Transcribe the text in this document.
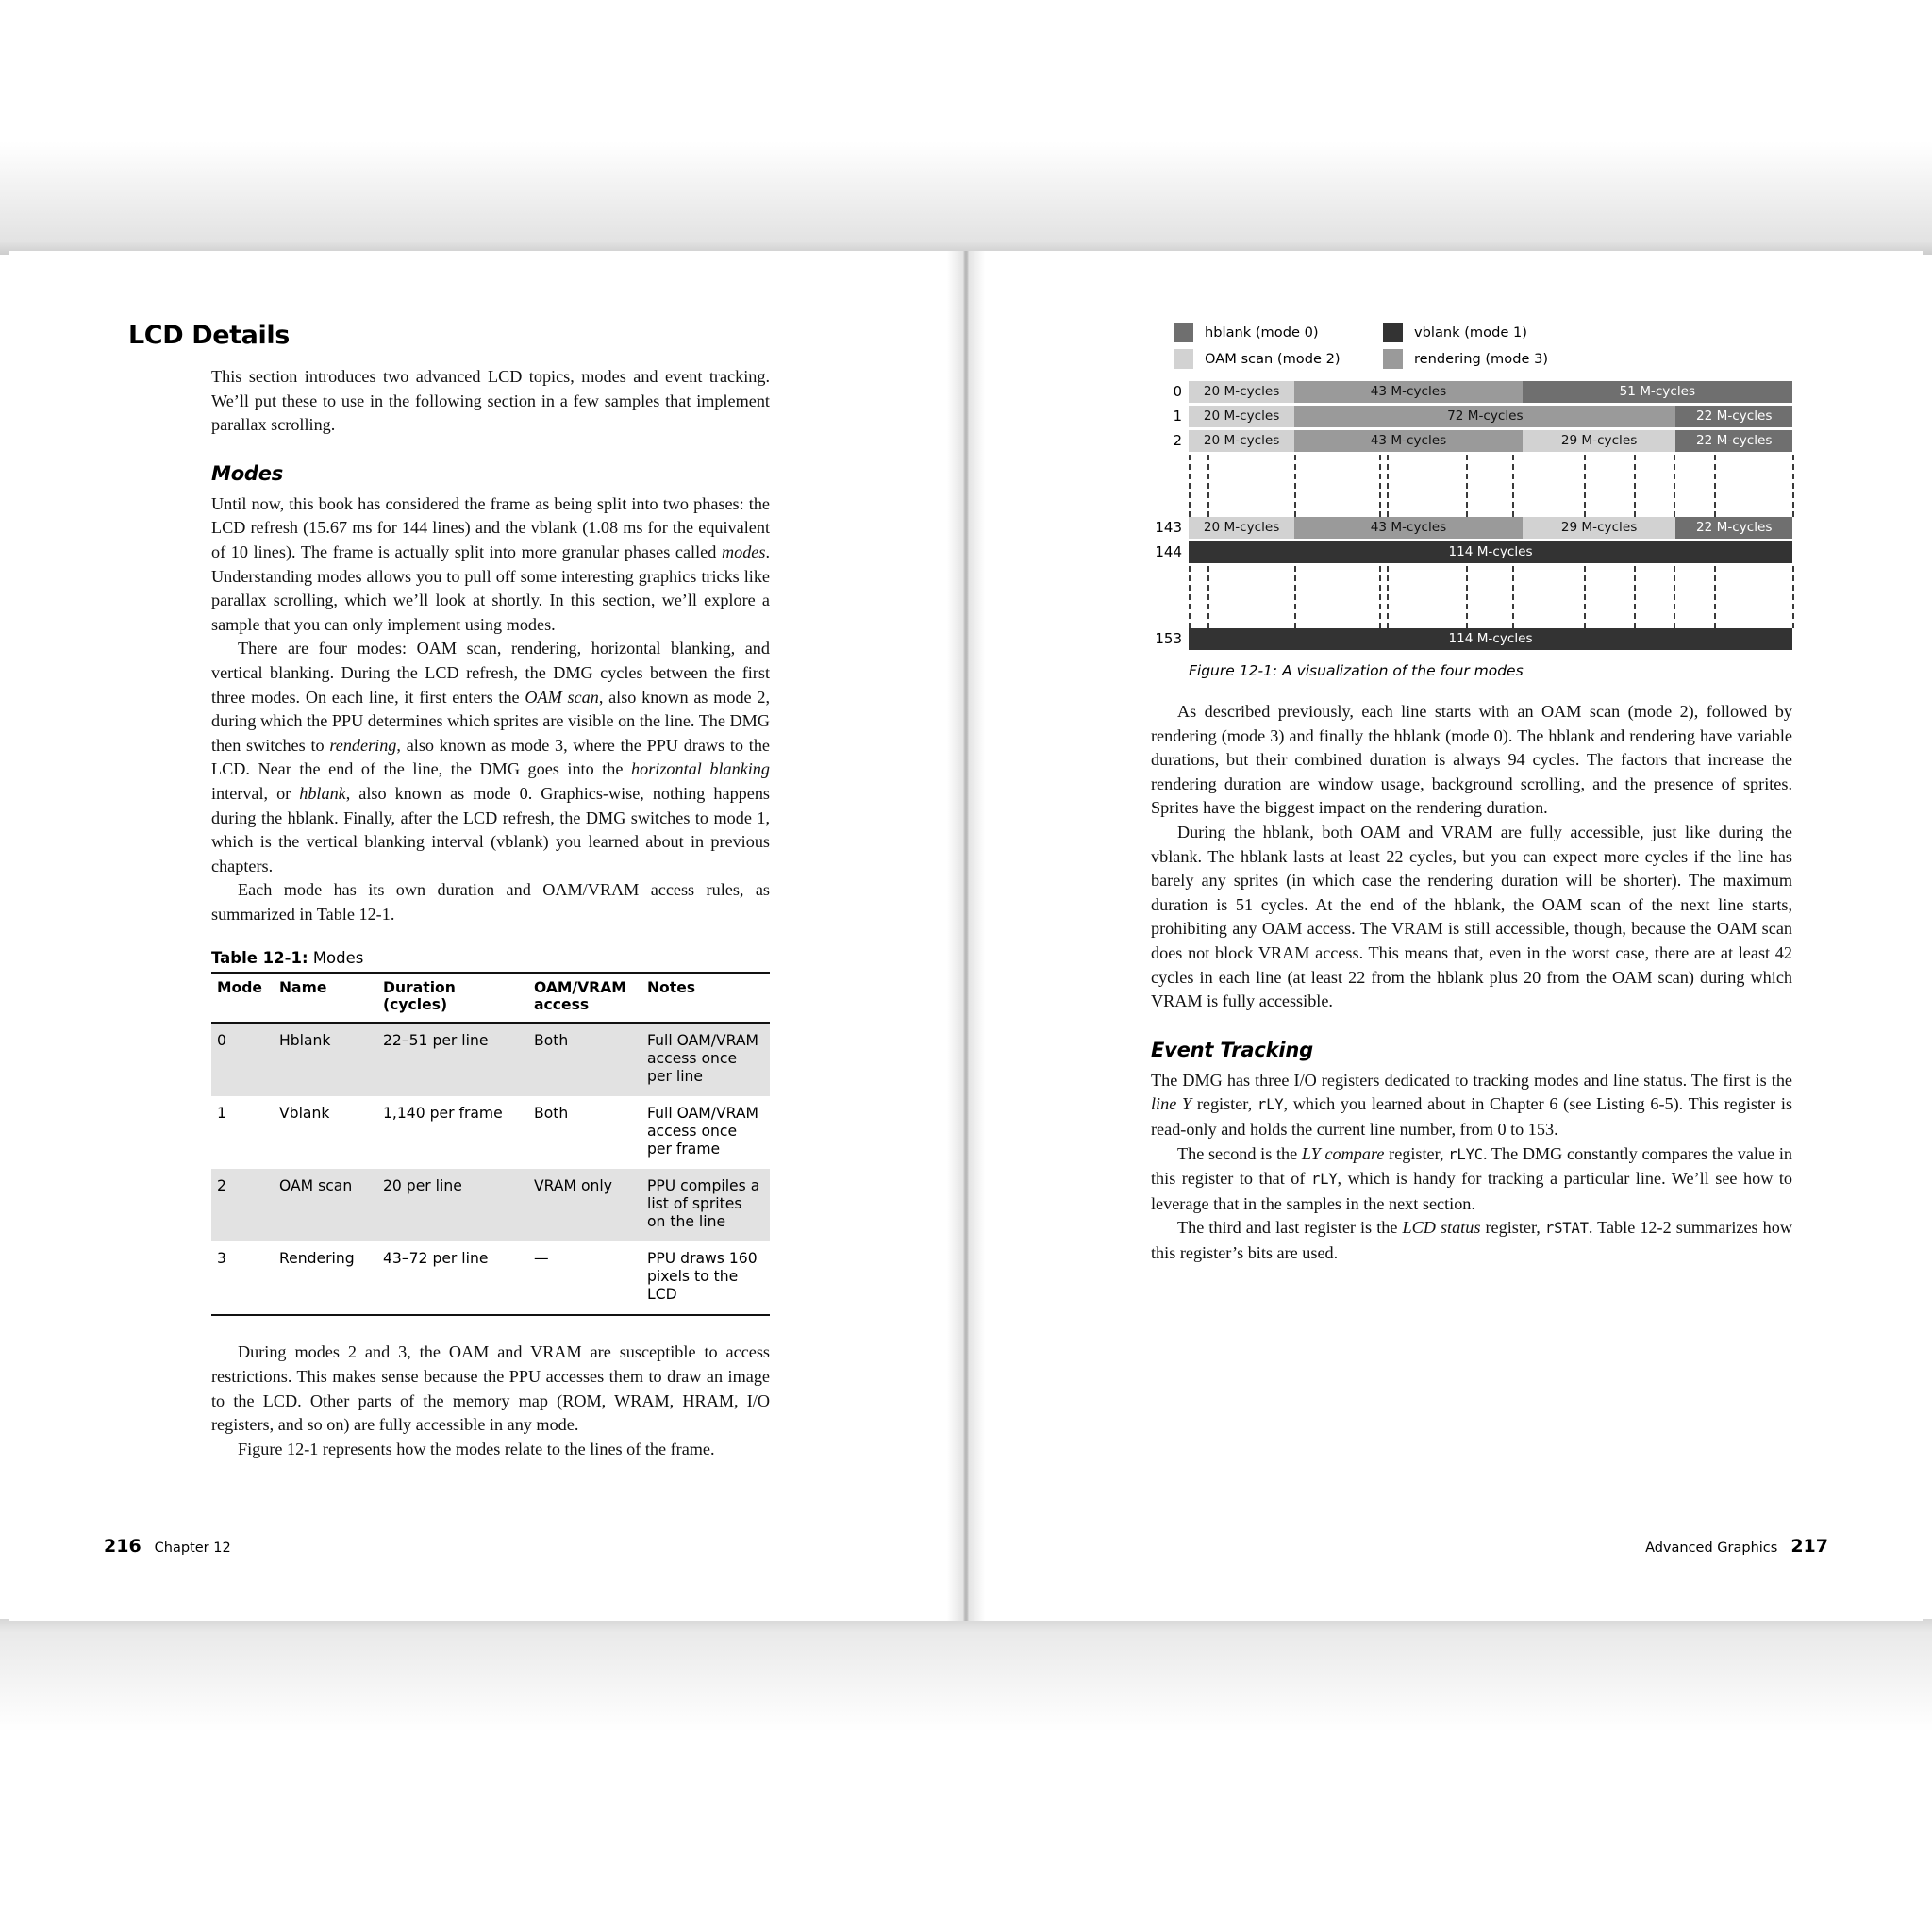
LCD Details

This section introduces two advanced LCD topics, modes and event tracking. We’ll put these to use in the following section in a few samples that implement parallax scrolling.

Modes

Until now, this book has considered the frame as being split into two phases: the LCD refresh (15.67 ms for 144 lines) and the vblank (1.08 ms for the equivalent of 10 lines). The frame is actually split into more granular phases called modes. Understanding modes allows you to pull off some interesting graphics tricks like parallax scrolling, which we’ll look at shortly. In this section, we’ll explore a sample that you can only implement using modes.

There are four modes: OAM scan, rendering, horizontal blanking, and vertical blanking. During the LCD refresh, the DMG cycles between the first three modes. On each line, it first enters the OAM scan, also known as mode 2, during which the PPU determines which sprites are visible on the line. The DMG then switches to rendering, also known as mode 3, where the PPU draws to the LCD. Near the end of the line, the DMG goes into the horizontal blanking interval, or hblank, also known as mode 0. Graphics-wise, nothing happens during the hblank. Finally, after the LCD refresh, the DMG switches to mode 1, which is the vertical blanking interval (vblank) you learned about in previous chapters.

Each mode has its own duration and OAM/VRAM access rules, as summarized in Table 12-1.

Table 12-1: Modes
Mode	Name	Duration (cycles)	OAM/VRAM access	Notes
0	Hblank	22–51 per line	Both	Full OAM/VRAM access once per line
1	Vblank	1,140 per frame	Both	Full OAM/VRAM access once per frame
2	OAM scan	20 per line	VRAM only	PPU compiles a list of sprites on the line
3	Rendering	43–72 per line	—	PPU draws 160 pixels to the LCD

During modes 2 and 3, the OAM and VRAM are susceptible to access restrictions. This makes sense because the PPU accesses them to draw an image to the LCD. Other parts of the memory map (ROM, WRAM, HRAM, I/O registers, and so on) are fully accessible in any mode.

Figure 12-1 represents how the modes relate to the lines of the frame.

216 Chapter 12
hblank (mode 0)	vblank (mode 1)
OAM scan (mode 2)	rendering (mode 3)
0	20 M-cycles	43 M-cycles	51 M-cycles
1	20 M-cycles	72 M-cycles	22 M-cycles
2	20 M-cycles	43 M-cycles	29 M-cycles	22 M-cycles
143	20 M-cycles	43 M-cycles	29 M-cycles	22 M-cycles
144	114 M-cycles
153	114 M-cycles
Figure 12-1: A visualization of the four modes

As described previously, each line starts with an OAM scan (mode 2), followed by rendering (mode 3) and finally the hblank (mode 0). The hblank and rendering have variable durations, but their combined duration is always 94 cycles. The factors that increase the rendering duration are window usage, background scrolling, and the presence of sprites. Sprites have the biggest impact on the rendering duration.

During the hblank, both OAM and VRAM are fully accessible, just like during the vblank. The hblank lasts at least 22 cycles, but you can expect more cycles if the line has barely any sprites (in which case the rendering duration will be shorter). The maximum duration is 51 cycles. At the end of the hblank, the OAM scan of the next line starts, prohibiting any OAM access. The VRAM is still accessible, though, because the OAM scan does not block VRAM access. This means that, even in the worst case, there are at least 42 cycles in each line (at least 22 from the hblank plus 20 from the OAM scan) during which VRAM is fully accessible.

Event Tracking

The DMG has three I/O registers dedicated to tracking modes and line status. The first is the line Y register, rLY, which you learned about in Chapter 6 (see Listing 6-5). This register is read-only and holds the current line number, from 0 to 153.

The second is the LY compare register, rLYC. The DMG constantly compares the value in this register to that of rLY, which is handy for tracking a particular line. We’ll see how to leverage that in the samples in the next section.

The third and last register is the LCD status register, rSTAT. Table 12-2 summarizes how this register’s bits are used.

Advanced Graphics 217
